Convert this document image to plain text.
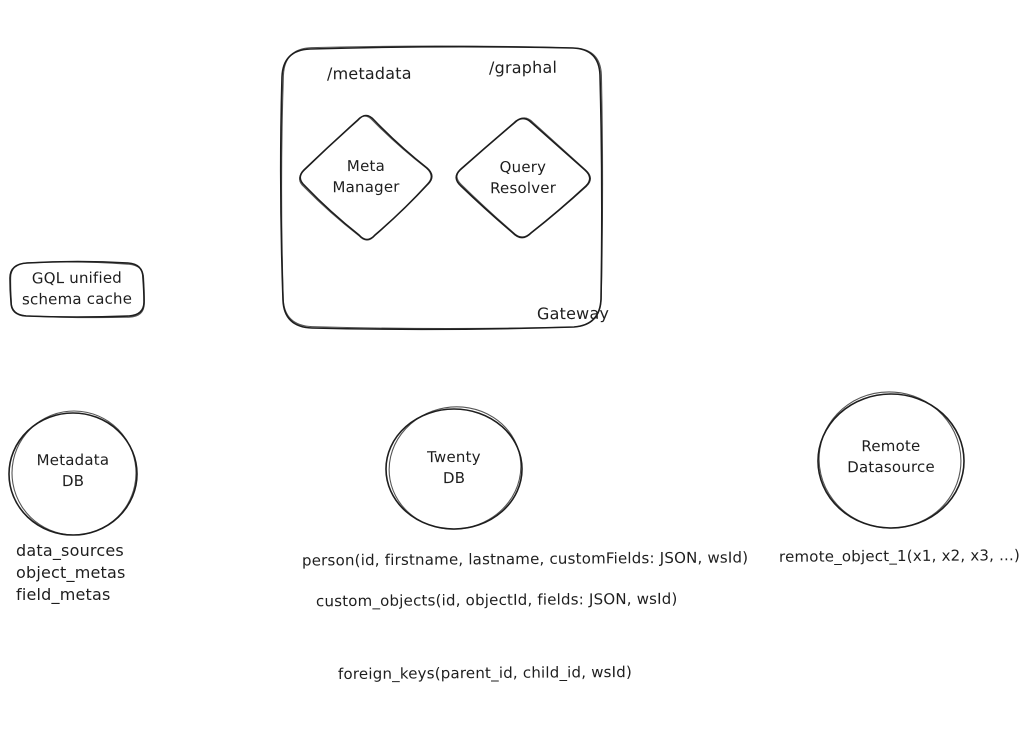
/metadata	/graphal
Gateway
Meta Manager
Query Resolver
GQL unified schema cache
Metadata DB
Twenty DB
Remote Datasource
data_sources
object_metas
field_metas
person(id, firstname, lastname, customFields: JSON, wsId)
custom_objects(id, objectId, fields: JSON, wsId)
foreign_keys(parent_id, child_id, wsId)
remote_object_1(x1, x2, x3, ...)
